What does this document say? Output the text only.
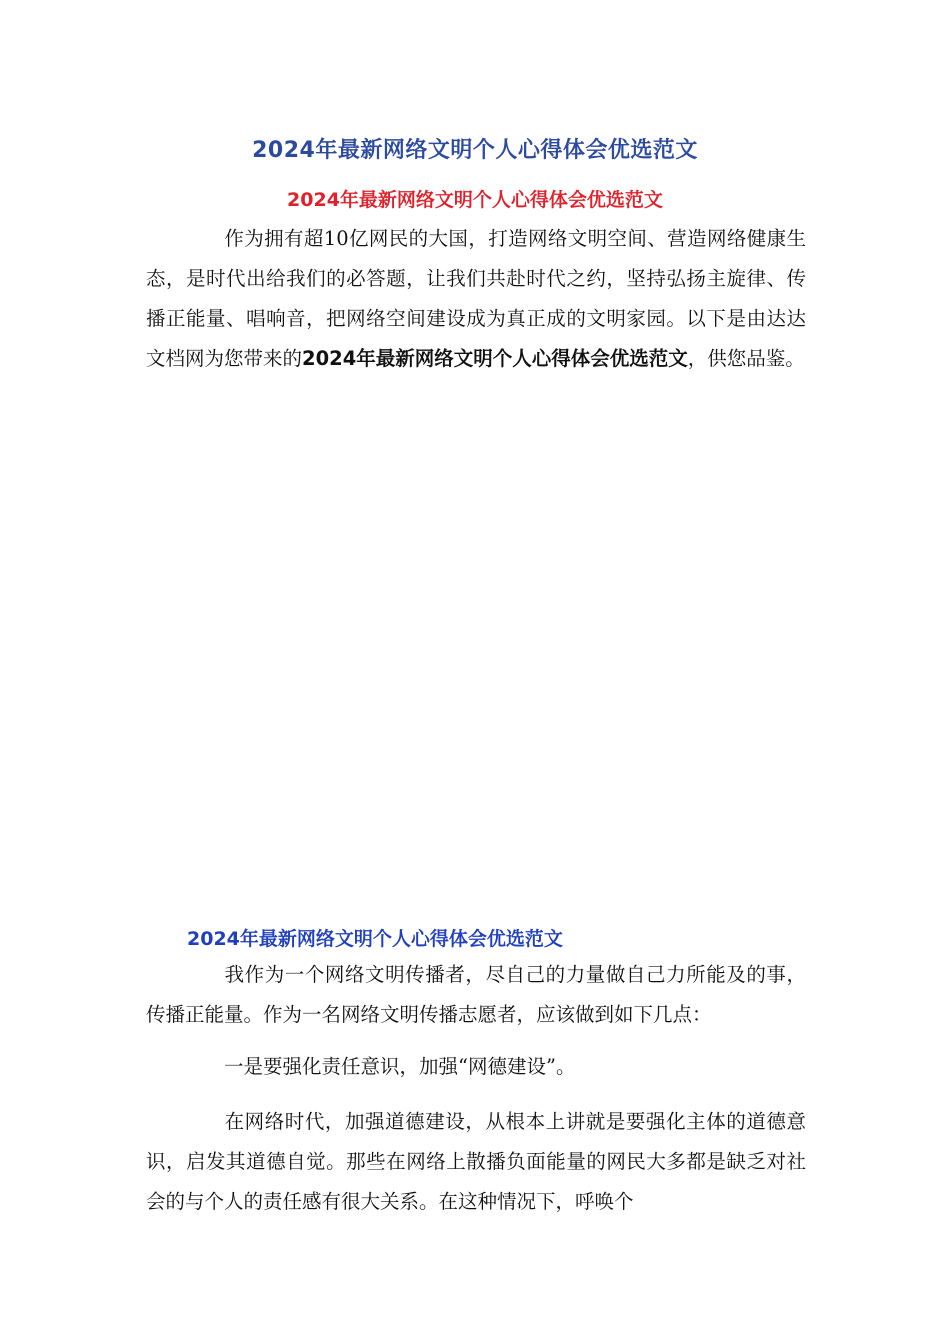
2024年最新网络文明个人心得体会优选范文
2024年最新网络文明个人心得体会优选范文
作为拥有超10亿网民的大国，打造网络文明空间、营造网络健康生态，是时代出给我们的必答题，让我们共赴时代之约，坚持弘扬主旋律、传播正能量、唱响音，把网络空间建设成为真正成的文明家园。以下是由达达文档网为您带来的2024年最新网络文明个人心得体会优选范文，供您品鉴。
2024年最新网络文明个人心得体会优选范文
我作为一个网络文明传播者，尽自己的力量做自己力所能及的事，传播正能量。作为一名网络文明传播志愿者，应该做到如下几点：
一是要强化责任意识，加强“网德建设”。
在网络时代，加强道德建设，从根本上讲就是要强化主体的道德意识，启发其道德自觉。那些在网络上散播负面能量的网民大多都是缺乏对社会的与个人的责任感有很大关系。在这种情况下，呼唤个
